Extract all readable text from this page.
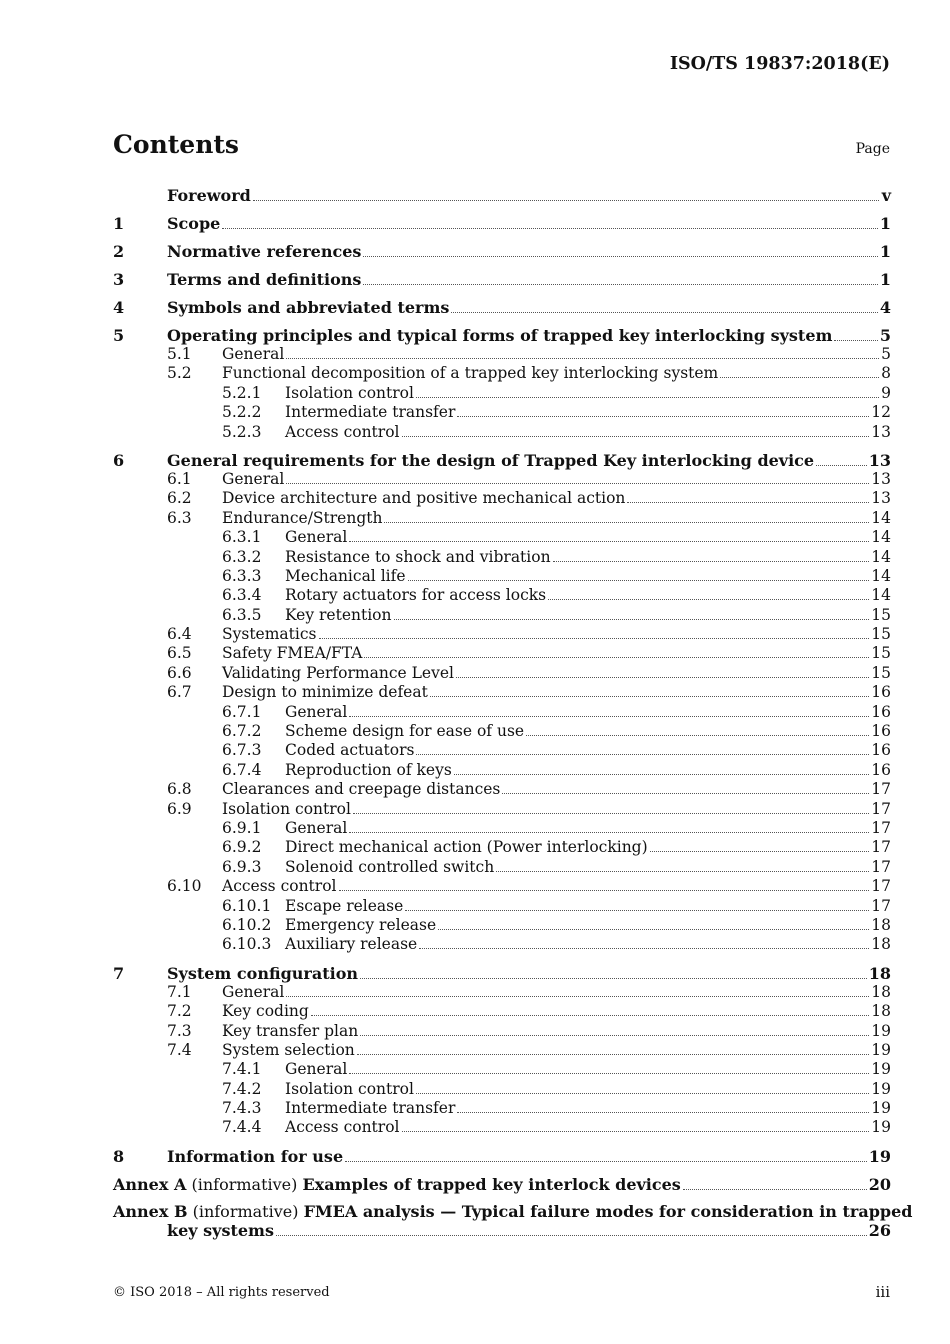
ISO/TS 19837:2018(E)
Contents	Page
Foreword	v
1	Scope	1
2	Normative references	1
3	Terms and definitions	1
4	Symbols and abbreviated terms	4
5	Operating principles and typical forms of trapped key interlocking system	5
5.1	General	5
5.2	Functional decomposition of a trapped key interlocking system	8
5.2.1	Isolation control	9
5.2.2	Intermediate transfer	12
5.2.3	Access control	13
6	General requirements for the design of Trapped Key interlocking device	13
6.1	General	13
6.2	Device architecture and positive mechanical action	13
6.3	Endurance/Strength	14
6.3.1	General	14
6.3.2	Resistance to shock and vibration	14
6.3.3	Mechanical life	14
6.3.4	Rotary actuators for access locks	14
6.3.5	Key retention	15
6.4	Systematics	15
6.5	Safety FMEA/FTA	15
6.6	Validating Performance Level	15
6.7	Design to minimize defeat	16
6.7.1	General	16
6.7.2	Scheme design for ease of use	16
6.7.3	Coded actuators	16
6.7.4	Reproduction of keys	16
6.8	Clearances and creepage distances	17
6.9	Isolation control	17
6.9.1	General	17
6.9.2	Direct mechanical action (Power interlocking)	17
6.9.3	Solenoid controlled switch	17
6.10	Access control	17
6.10.1 Escape release	17
6.10.2 Emergency release	18
6.10.3 Auxiliary release	18
7	System configuration	18
7.1	General	18
7.2	Key coding	18
7.3	Key transfer plan	19
7.4	System selection	19
7.4.1	General	19
7.4.2	Isolation control	19
7.4.3	Intermediate transfer	19
7.4.4	Access control	19
8	Information for use	19
Annex A (informative) Examples of trapped key interlock devices	20
Annex B (informative) FMEA analysis — Typical failure modes for consideration in trapped
key systems	26
© ISO 2018 – All rights reserved	iii
